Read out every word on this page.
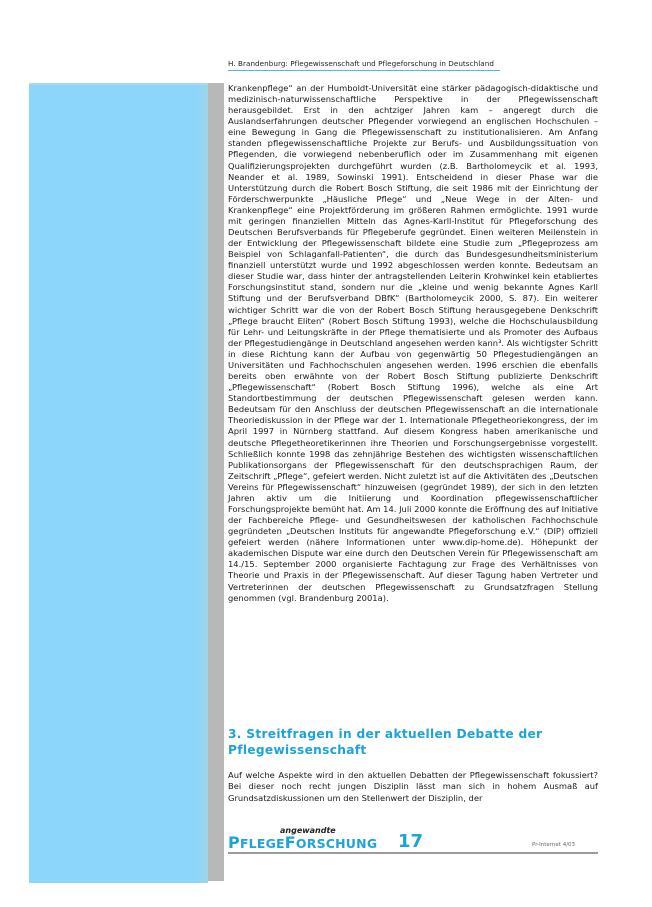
H. Brandenburg: Pflegewissenschaft und Pflegeforschung in Deutschland

Krankenpflege“ an der Humboldt-Universität eine stärker pädagogisch-didaktische und medizinisch-naturwissenschaftliche Perspektive in der Pflegewissenschaft herausgebildet. Erst in den achtziger Jahren kam – angeregt durch die Auslandserfahrungen deutscher Pflegender vorwiegend an englischen Hochschulen – eine Bewegung in Gang die Pflegewissenschaft zu institutionalisieren. Am Anfang standen pflegewissenschaftliche Projekte zur Berufs- und Ausbildungssituation von Pflegenden, die vorwiegend nebenberuflich oder im Zusammenhang mit eigenen Qualifizierungsprojekten durchgeführt wurden (z.B. Bartholomeycik et al. 1993, Neander et al. 1989, Sowinski 1991). Entscheidend in dieser Phase war die Unterstützung durch die Robert Bosch Stiftung, die seit 1986 mit der Einrichtung der Förderschwerpunkte „Häusliche Pflege“ und „Neue Wege in der Alten- und Krankenpflege“ eine Projektförderung im größeren Rahmen ermöglichte. 1991 wurde mit geringen finanziellen Mitteln das Agnes-Karll-Institut für Pflegeforschung des Deutschen Berufsverbands für Pflegeberufe gegründet. Einen weiteren Meilenstein in der Entwicklung der Pflegewissenschaft bildete eine Studie zum „Pflegeprozess am Beispiel von Schlaganfall-Patienten“, die durch das Bundesgesundheitsministerium finanziell unterstützt wurde und 1992 abgeschlossen werden konnte. Bedeutsam an dieser Studie war, dass hinter der antragstellenden Leiterin Krohwinkel kein etabliertes Forschungsinstitut stand, sondern nur die „kleine und wenig bekannte Agnes Karll Stiftung und der Berufsverband DBfK“ (Bartholomeycik 2000, S. 87). Ein weiterer wichtiger Schritt war die von der Robert Bosch Stiftung herausgegebene Denkschrift „Pflege braucht Eliten“ (Robert Bosch Stiftung 1993), welche die Hochschulausbildung für Lehr- und Leitungskräfte in der Pflege thematisierte und als Promoter des Aufbaus der Pflegestudiengänge in Deutschland angesehen werden kann³. Als wichtigster Schritt in diese Richtung kann der Aufbau von gegenwärtig 50 Pflegestudiengängen an Universitäten und Fachhochschulen angesehen werden. 1996 erschien die ebenfalls bereits oben erwähnte von der Robert Bosch Stiftung publizierte Denkschrift „Pflegewissenschaft“ (Robert Bosch Stiftung 1996), welche als eine Art Standortbestimmung der deutschen Pflegewissenschaft gelesen werden kann. Bedeutsam für den Anschluss der deutschen Pflegewissenschaft an die internationale Theoriediskussion in der Pflege war der 1. Internationale Pflegetheoriekongress, der im April 1997 in Nürnberg stattfand. Auf diesem Kongress haben amerikanische und deutsche Pflegetheoretikerinnen ihre Theorien und Forschungsergebnisse vorgestellt. Schließlich konnte 1998 das zehnjährige Bestehen des wichtigsten wissenschaftlichen Publikationsorgans der Pflegewissenschaft für den deutschsprachigen Raum, der Zeitschrift „Pflege“, gefeiert werden. Nicht zuletzt ist auf die Aktivitäten des „Deutschen Vereins für Pflegewissenschaft“ hinzuweisen (gegründet 1989), der sich in den letzten Jahren aktiv um die Initiierung und Koordination pflegewissenschaftlicher Forschungsprojekte bemüht hat. Am 14. Juli 2000 konnte die Eröffnung des auf Initiative der Fachbereiche Pflege- und Gesundheitswesen der katholischen Fachhochschule gegründeten „Deutschen Instituts für angewandte Pflegeforschung e.V.“ (DIP) offiziell gefeiert werden (nähere Informationen unter www.dip-home.de). Höhepunkt der akademischen Dispute war eine durch den Deutschen Verein für Pflegewissenschaft am 14./15. September 2000 organisierte Fachtagung zur Frage des Verhältnisses von Theorie und Praxis in der Pflegewissenschaft. Auf dieser Tagung haben Vertreter und Vertreterinnen der deutschen Pflegewissenschaft zu Grundsatzfragen Stellung genommen (vgl. Brandenburg 2001a).

3. Streitfragen in der aktuellen Debatte der Pflegewissenschaft

Auf welche Aspekte wird in den aktuellen Debatten der Pflegewissenschaft fokussiert? Bei dieser noch recht jungen Disziplin lässt man sich in hohem Ausmaß auf Grundsatzdiskussionen um den Stellenwert der Disziplin, der

angewandte
PFLEGEFORSCHUNG 17	Pr-Internet 4/03
